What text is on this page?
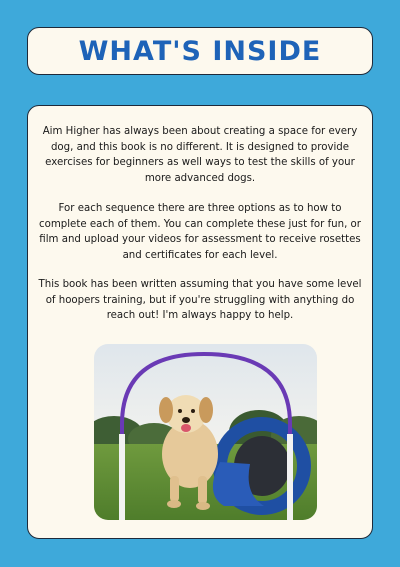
WHAT'S INSIDE

Aim Higher has always been about creating a space for every dog, and this book is no different. It is designed to provide exercises for beginners as well ways to test the skills of your more advanced dogs.

For each sequence there are three options as to how to complete each of them. You can complete these just for fun, or film and upload your videos for assessment to receive rosettes and certificates for each level.

This book has been written assuming that you have some level of hoopers training, but if you're struggling with anything do reach out! I'm always happy to help.
